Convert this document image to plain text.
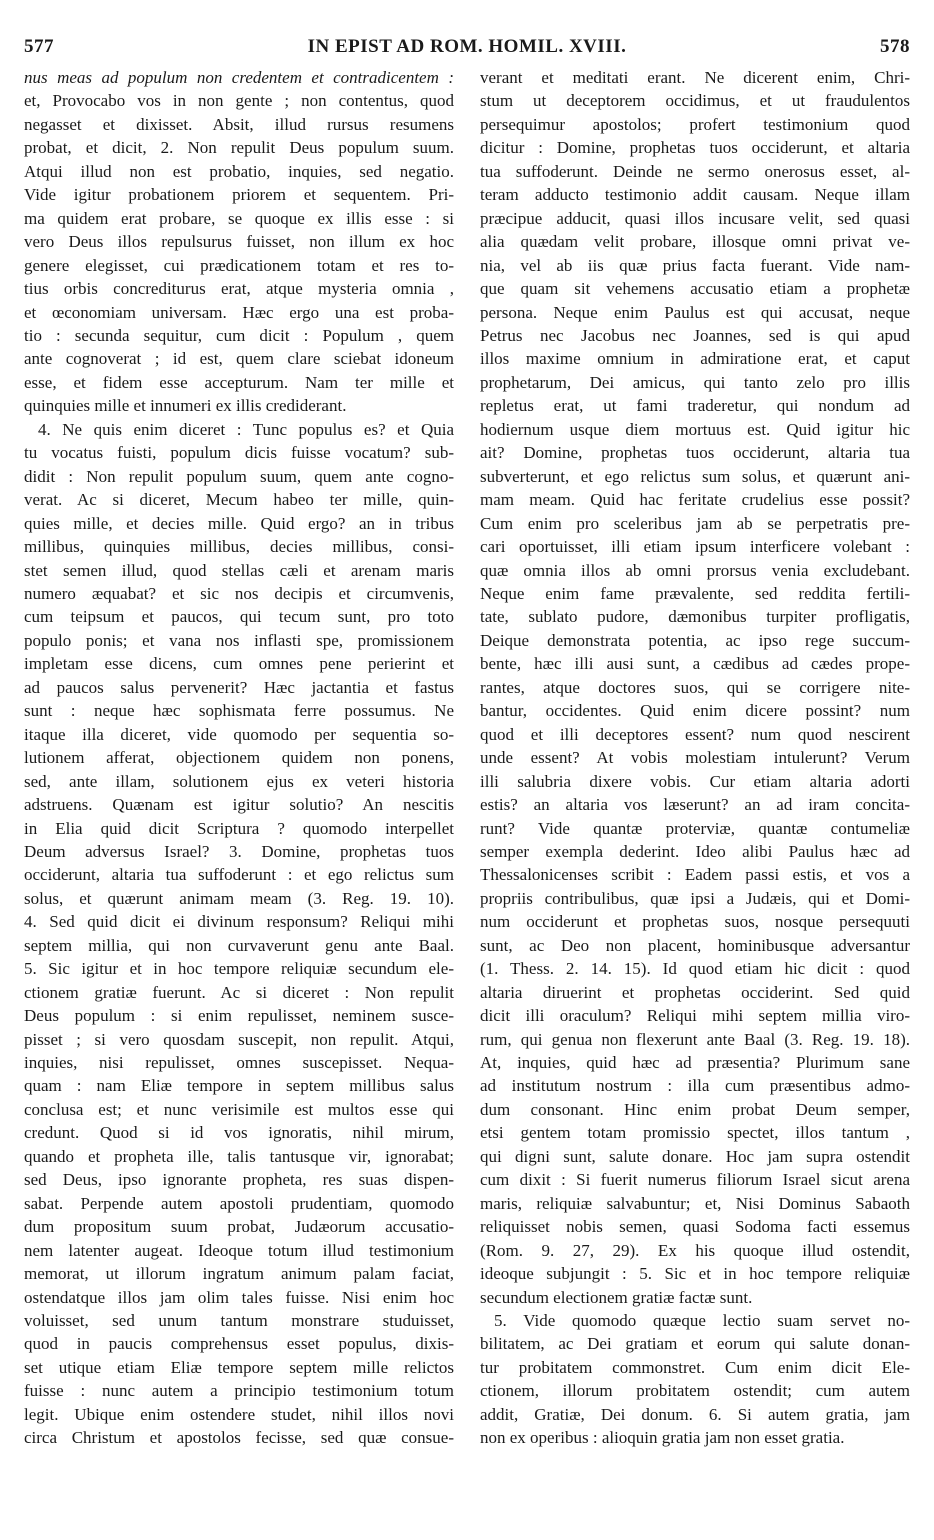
577	IN EPIST AD ROM. HOMIL. XVIII.	578
nus meas ad populum non credentem et contradicentem :
et, Provocabo vos in non gente ; non contentus, quod
negasset et dixisset. Absit, illud rursus resumens
probat, et dicit, 2. Non repulit Deus populum suum.
Atqui illud non est probatio, inquies, sed negatio.
Vide igitur probationem priorem et sequentem. Pri-
ma quidem erat probare, se quoque ex illis esse : si
vero Deus illos repulsurus fuisset, non illum ex hoc
genere elegisset, cui prædicationem totam et res to-
tius orbis concrediturus erat, atque mysteria omnia ,
et œconomiam universam. Hæc ergo una est proba-
tio : secunda sequitur, cum dicit : Populum , quem
ante cognoverat ; id est, quem clare sciebat idoneum
esse, et fidem esse accepturum. Nam ter mille et
quinquies mille et innumeri ex illis crediderant.
4. Ne quis enim diceret : Tunc populus es? et Quia
tu vocatus fuisti, populum dicis fuisse vocatum? sub-
didit : Non repulit populum suum, quem ante cogno-
verat. Ac si diceret, Mecum habeo ter mille, quin-
quies mille, et decies mille. Quid ergo? an in tribus
millibus, quinquies millibus, decies millibus, consi-
stet semen illud, quod stellas cæli et arenam maris
numero æquabat? et sic nos decipis et circumvenis,
cum teipsum et paucos, qui tecum sunt, pro toto
populo ponis; et vana nos inflasti spe, promissionem
impletam esse dicens, cum omnes pene perierint et
ad paucos salus pervenerit? Hæc jactantia et fastus
sunt : neque hæc sophismata ferre possumus. Ne
itaque illa diceret, vide quomodo per sequentia so-
lutionem afferat, objectionem quidem non ponens,
sed, ante illam, solutionem ejus ex veteri historia
adstruens. Quænam est igitur solutio? An nescitis
in Elia quid dicit Scriptura ? quomodo interpellet
Deum adversus Israel? 3. Domine, prophetas tuos
occiderunt, altaria tua suffoderunt : et ego relictus sum
solus, et quærunt animam meam (3. Reg. 19. 10).
4. Sed quid dicit ei divinum responsum? Reliqui mihi
septem millia, qui non curvaverunt genu ante Baal.
5. Sic igitur et in hoc tempore reliquiæ secundum ele-
ctionem gratiæ fuerunt. Ac si diceret : Non repulit
Deus populum : si enim repulisset, neminem susce-
pisset ; si vero quosdam suscepit, non repulit. Atqui,
inquies, nisi repulisset, omnes suscepisset. Nequa-
quam : nam Eliæ tempore in septem millibus salus
conclusa est; et nunc verisimile est multos esse qui
credunt. Quod si id vos ignoratis, nihil mirum,
quando et propheta ille, talis tantusque vir, ignorabat;
sed Deus, ipso ignorante propheta, res suas dispen-
sabat. Perpende autem apostoli prudentiam, quomodo
dum propositum suum probat, Judæorum accusatio-
nem latenter augeat. Ideoque totum illud testimonium
memorat, ut illorum ingratum animum palam faciat,
ostendatque illos jam olim tales fuisse. Nisi enim hoc
voluisset, sed unum tantum monstrare studuisset,
quod in paucis comprehensus esset populus, dixis-
set utique etiam Eliæ tempore septem mille relictos
fuisse : nunc autem a principio testimonium totum
legit. Ubique enim ostendere studet, nihil illos novi
circa Christum et apostolos fecisse, sed quæ consue-
verant et meditati erant. Ne dicerent enim, Chri-
stum ut deceptorem occidimus, et ut fraudulentos
persequimur apostolos; profert testimonium quod
dicitur : Domine, prophetas tuos occiderunt, et altaria
tua suffoderunt. Deinde ne sermo onerosus esset, al-
teram adducto testimonio addit causam. Neque illam
præcipue adducit, quasi illos incusare velit, sed quasi
alia quædam velit probare, illosque omni privat ve-
nia, vel ab iis quæ prius facta fuerant. Vide nam-
que quam sit vehemens accusatio etiam a prophetæ
persona. Neque enim Paulus est qui accusat, neque
Petrus nec Jacobus nec Joannes, sed is qui apud
illos maxime omnium in admiratione erat, et caput
prophetarum, Dei amicus, qui tanto zelo pro illis
repletus erat, ut fami traderetur, qui nondum ad
hodiernum usque diem mortuus est. Quid igitur hic
ait? Domine, prophetas tuos occiderunt, altaria tua
subverterunt, et ego relictus sum solus, et quærunt ani-
mam meam. Quid hac feritate crudelius esse possit?
Cum enim pro sceleribus jam ab se perpetratis pre-
cari oportuisset, illi etiam ipsum interficere volebant :
quæ omnia illos ab omni prorsus venia excludebant.
Neque enim fame prævalente, sed reddita fertili-
tate, sublato pudore, dæmonibus turpiter profligatis,
Deique demonstrata potentia, ac ipso rege succum-
bente, hæc illi ausi sunt, a cædibus ad cædes prope-
rantes, atque doctores suos, qui se corrigere nite-
bantur, occidentes. Quid enim dicere possint? num
quod et illi deceptores essent? num quod nescirent
unde essent? At vobis molestiam intulerunt? Verum
illi salubria dixere vobis. Cur etiam altaria adorti
estis? an altaria vos læserunt? an ad iram concita-
runt? Vide quantæ proterviæ, quantæ contumeliæ
semper exempla dederint. Ideo alibi Paulus hæc ad
Thessalonicenses scribit : Eadem passi estis, et vos a
propriis contribulibus, quæ ipsi a Judæis, qui et Domi-
num occiderunt et prophetas suos, nosque persequuti
sunt, ac Deo non placent, hominibusque adversantur
(1. Thess. 2. 14. 15). Id quod etiam hic dicit : quod
altaria diruerint et prophetas occiderint. Sed quid
dicit illi oraculum? Reliqui mihi septem millia viro-
rum, qui genua non flexerunt ante Baal (3. Reg. 19. 18).
At, inquies, quid hæc ad præsentia? Plurimum sane
ad institutum nostrum : illa cum præsentibus admo-
dum consonant. Hinc enim probat Deum semper,
etsi gentem totam promissio spectet, illos tantum ,
qui digni sunt, salute donare. Hoc jam supra ostendit
cum dixit : Si fuerit numerus filiorum Israel sicut arena
maris, reliquiæ salvabuntur; et, Nisi Dominus Sabaoth
reliquisset nobis semen, quasi Sodoma facti essemus
(Rom. 9. 27, 29). Ex his quoque illud ostendit,
ideoque subjungit : 5. Sic et in hoc tempore reliquiæ
secundum electionem gratiæ factæ sunt.
5. Vide quomodo quæque lectio suam servet no-
bilitatem, ac Dei gratiam et eorum qui salute donan-
tur probitatem commonstret. Cum enim dicit Ele-
ctionem, illorum probitatem ostendit; cum autem
addit, Gratiæ, Dei donum. 6. Si autem gratia, jam
non ex operibus : alioquin gratia jam non esset gratia.
